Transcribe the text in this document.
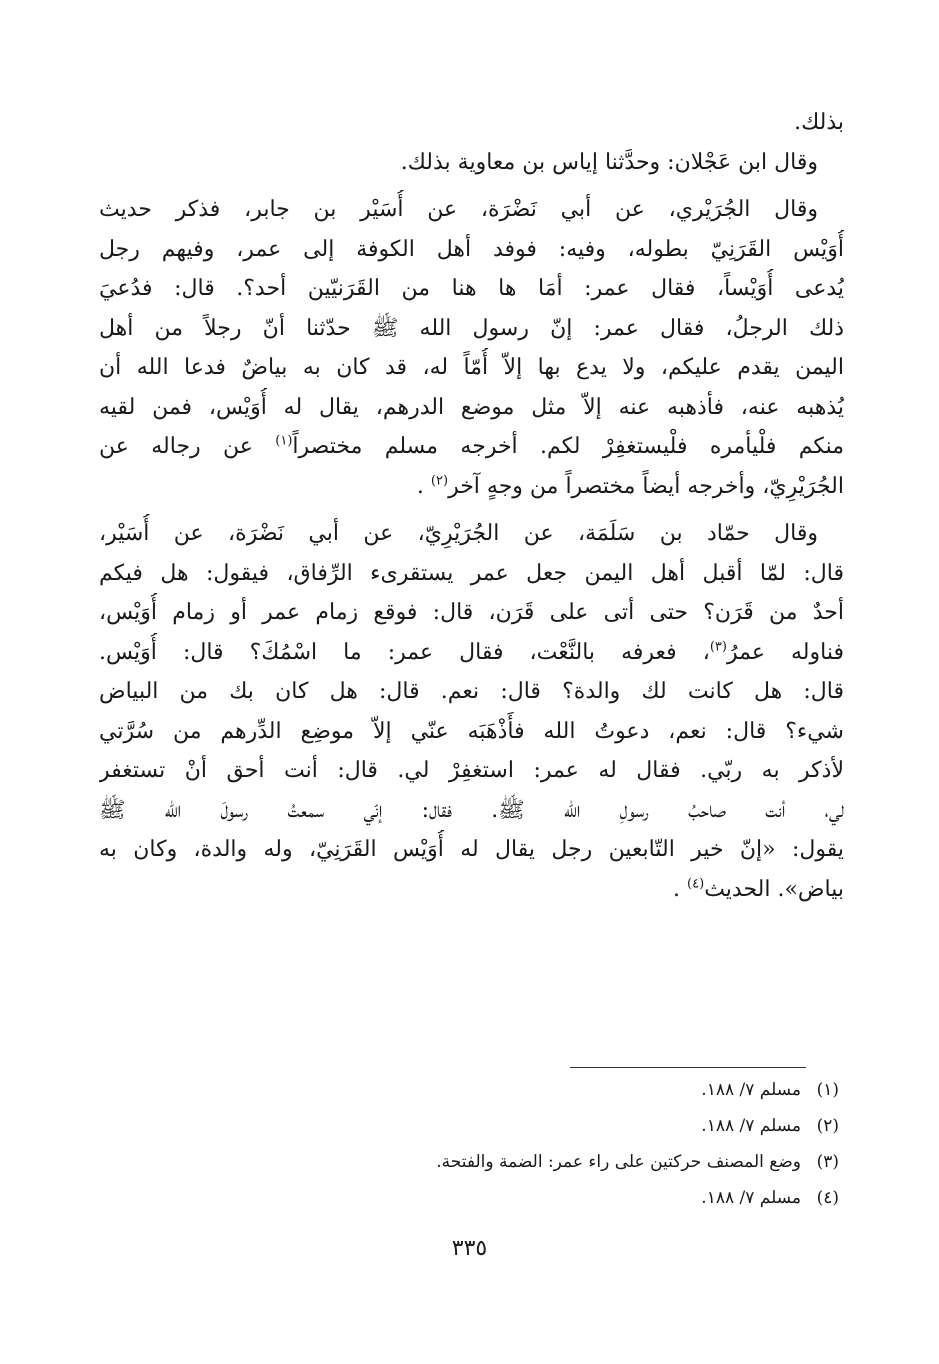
بذلك.
وقال ابن عَجْلان: وحدَّثنا إياس بن معاوية بذلك.
وقال الجُرَيْري، عن أبي نَضْرَة، عن أُسَيْر بن جابر، فذكر حديث
أُوَيْس القَرَنِيّ بطوله، وفيه: فوفد أهل الكوفة إلى عمر، وفيهم رجل
يُدعى أُوَيْساً، فقال عمر: أمَا ها هنا من القَرَنيّين أحد؟. قال: فدُعيَ
ذلك الرجلُ، فقال عمر: إنّ رسول الله ﷺ حدّثنا أنّ رجلاً من أهل
اليمن يقدم عليكم، ولا يدع بها إلاّ أُمّاً له، قد كان به بياضٌ فدعا الله أن
يُذهبه عنه، فأذهبه عنه إلاّ مثل موضع الدرهم، يقال له أُوَيْس، فمن لقيه
منكم فلْيأمره فلْيستغفِرْ لكم. أخرجه مسلم مختصراً$^{(١)}$ عن رجاله عن
الجُرَيْرِيّ، وأخرجه أيضاً مختصراً من وجهٍ آخر$^{(٢)}$ .
وقال حمّاد بن سَلَمَة، عن الجُرَيْرِيّ، عن أبي نَضْرَة، عن أُسَيْر،
قال: لمّا أقبل أهل اليمن جعل عمر يستقرىء الرِّفاق، فيقول: هل فيكم
أحدٌ من قَرَن؟ حتى أتى على قَرَن، قال: فوقع زمام عمر أو زمام أُوَيْس،
فناوله عمرُ$^{(٣)}$، فعرفه بالنَّعْت، فقال عمر: ما اسْمُكَ؟ قال: أُوَيْس.
قال: هل كانت لك والدة؟ قال: نعم. قال: هل كان بك من البياض
شيء؟ قال: نعم، دعوتُ الله فأَذْهَبَه عنّي إلاّ موضِع الدِّرهم من سُرَّتي
لأذكر به ربّي. فقال له عمر: استغفِرْ لي. قال: أنت أحق أنْ تستغفر
لي، أنت صاحبُ رسولِ الله ﷺ. فقال: إنّي سمعتُ رسولَ الله ﷺ
يقول: «إنّ خير التّابعين رجل يقال له أُوَيْس القَرَنِيّ، وله والدة، وكان به
بياض». الحديث$^{(٤)}$ .
(١)مسلم ٧/ ١٨٨.
(٢)مسلم ٧/ ١٨٨.
(٣)وضع المصنف حركتين على راء عمر: الضمة والفتحة.
(٤)مسلم ٧/ ١٨٨.
٣٣٥
